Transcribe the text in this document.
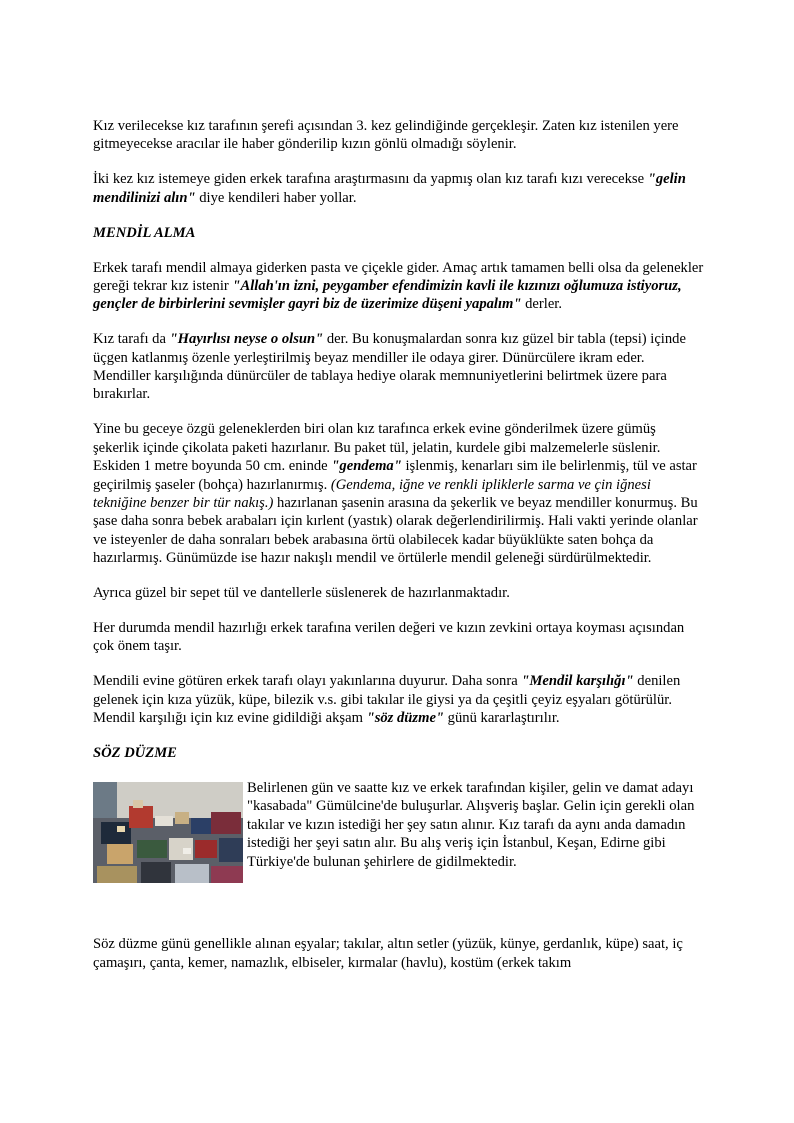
Kız verilecekse kız tarafının şerefi açısından 3. kez gelindiğinde gerçekleşir. Zaten kız istenilen yere gitmeyecekse aracılar ile haber gönderilip kızın gönlü olmadığı söylenir.

İki kez kız istemeye giden erkek tarafına araştırmasını da yapmış olan kız tarafı kızı verecekse "gelin mendilinizi alın" diye kendileri haber yollar.

MENDİL ALMA

Erkek tarafı mendil almaya giderken pasta ve çiçekle gider. Amaç artık tamamen belli olsa da gelenekler gereği tekrar kız istenir "Allah'ın izni, peygamber efendimizin kavli ile kızınızı oğlumuza istiyoruz, gençler de birbirlerini sevmişler gayri biz de üzerimize düşeni yapalım" derler.

Kız tarafı da "Hayırlısı neyse o olsun" der. Bu konuşmalardan sonra kız güzel bir tabla (tepsi) içinde üçgen katlanmış özenle yerleştirilmiş beyaz mendiller ile odaya girer. Dünürcülere ikram eder. Mendiller karşılığında dünürcüler de tablaya hediye olarak memnuniyetlerini belirtmek üzere para bırakırlar.

Yine bu geceye özgü geleneklerden biri olan kız tarafınca erkek evine gönderilmek üzere gümüş şekerlik içinde çikolata paketi hazırlanır. Bu paket tül, jelatin, kurdele gibi malzemelerle süslenir. Eskiden 1 metre boyunda 50 cm. eninde "gendema" işlenmiş, kenarları sim ile belirlenmiş, tül ve astar geçirilmiş şaseler (bohça) hazırlanırmış. (Gendema, iğne ve renkli ipliklerle sarma ve çin iğnesi tekniğine benzer bir tür nakış.) hazırlanan şasenin arasına da şekerlik ve beyaz mendiller konurmuş. Bu şase daha sonra bebek arabaları için kırlent (yastık) olarak değerlendirilirmiş. Hali vakti yerinde olanlar ve isteyenler de daha sonraları bebek arabasına örtü olabilecek kadar büyüklükte saten bohça da hazırlarmış. Günümüzde ise hazır nakışlı mendil ve örtülerle mendil geleneği sürdürülmektedir.

Ayrıca güzel bir sepet tül ve dantellerle süslenerek de hazırlanmaktadır.

Her durumda mendil hazırlığı erkek tarafına verilen değeri ve kızın zevkini ortaya koyması açısından çok önem taşır.

Mendili evine götüren erkek tarafı olayı yakınlarına duyurur. Daha sonra "Mendil karşılığı" denilen gelenek için kıza yüzük, küpe, bilezik v.s. gibi takılar ile giysi ya da çeşitli çeyiz eşyaları götürülür. Mendil karşılığı için kız evine gidildiği akşam "söz düzme" günü kararlaştırılır.

SÖZ DÜZME
Belirlenen gün ve saatte kız ve erkek tarafından kişiler, gelin ve damat adayı "kasabada" Gümülcine'de buluşurlar. Alışveriş başlar. Gelin için gerekli olan takılar ve kızın istediği her şey satın alınır. Kız tarafı da aynı anda damadın istediği her şeyi satın alır. Bu alış veriş için İstanbul, Keşan, Edirne gibi Türkiye'de bulunan şehirlere de gidilmektedir.

Söz düzme günü genellikle alınan eşyalar; takılar, altın setler (yüzük, künye, gerdanlık, küpe) saat, iç çamaşırı, çanta, kemer, namazlık, elbiseler, kırmalar (havlu), kostüm (erkek takım
